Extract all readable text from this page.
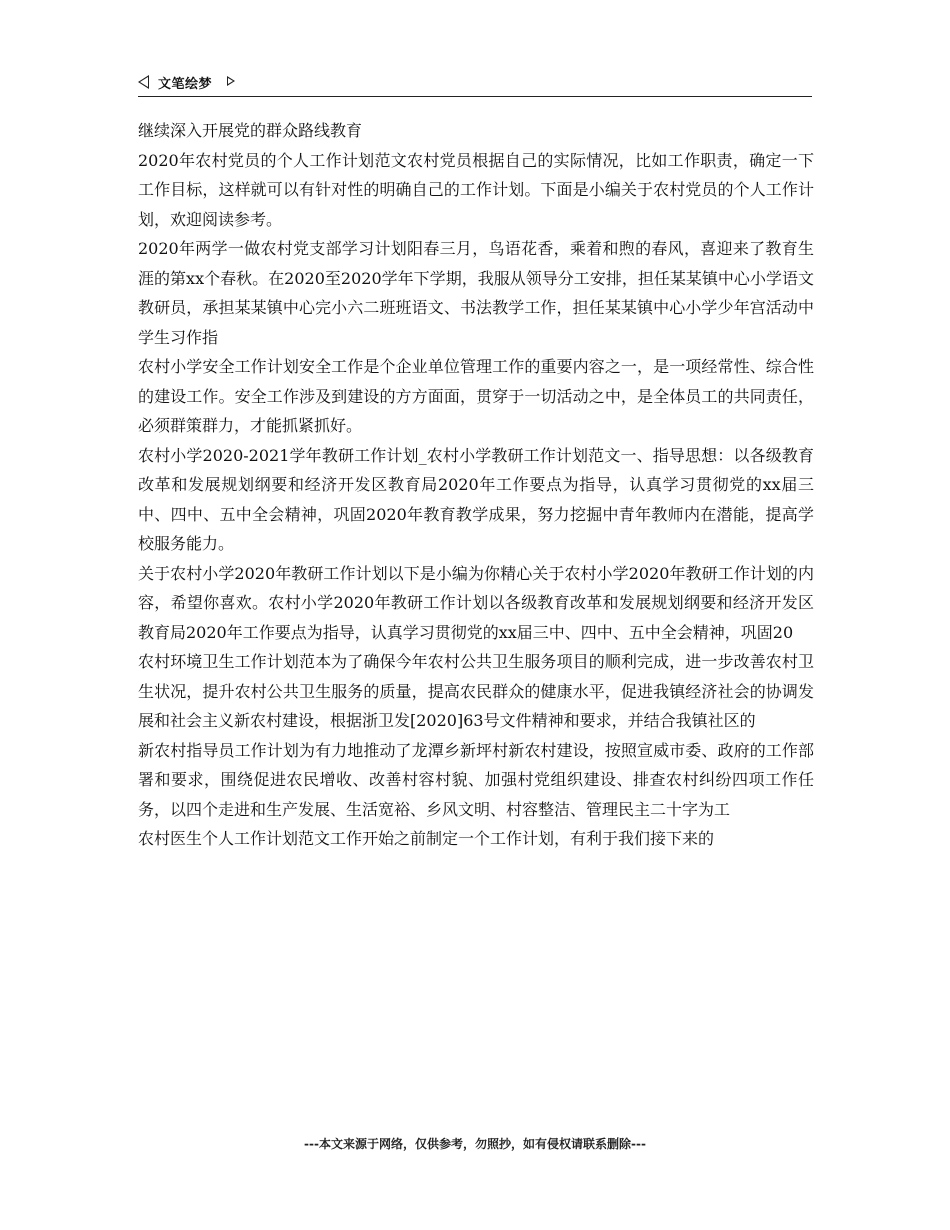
文笔绘梦

继续深入开展党的群众路线教育

2020年农村党员的个人工作计划范文农村党员根据自己的实际情况，比如工作职责，确定一下工作目标，这样就可以有针对性的明确自己的工作计划。下面是小编关于农村党员的个人工作计划，欢迎阅读参考。

2020年两学一做农村党支部学习计划阳春三月，鸟语花香，乘着和煦的春风，喜迎来了教育生涯的第xx个春秋。在2020至2020学年下学期，我服从领导分工安排，担任某某镇中心小学语文教研员，承担某某镇中心完小六二班班语文、书法教学工作，担任某某镇中心小学少年宫活动中学生习作指

农村小学安全工作计划安全工作是个企业单位管理工作的重要内容之一，是一项经常性、综合性的建设工作。安全工作涉及到建设的方方面面，贯穿于一切活动之中，是全体员工的共同责任，必须群策群力，才能抓紧抓好。

农村小学2020-2021学年教研工作计划_农村小学教研工作计划范文一、指导思想：以各级教育改革和发展规划纲要和经济开发区教育局2020年工作要点为指导，认真学习贯彻党的xx届三中、四中、五中全会精神，巩固2020年教育教学成果，努力挖掘中青年教师内在潜能，提高学校服务能力。

关于农村小学2020年教研工作计划以下是小编为你精心关于农村小学2020年教研工作计划的内容，希望你喜欢。农村小学2020年教研工作计划以各级教育改革和发展规划纲要和经济开发区教育局2020年工作要点为指导，认真学习贯彻党的xx届三中、四中、五中全会精神，巩固20

农村环境卫生工作计划范本为了确保今年农村公共卫生服务项目的顺利完成，进一步改善农村卫生状况，提升农村公共卫生服务的质量，提高农民群众的健康水平，促进我镇经济社会的协调发展和社会主义新农村建设，根据浙卫发[2020]63号文件精神和要求，并结合我镇社区的

新农村指导员工作计划为有力地推动了龙潭乡新坪村新农村建设，按照宣威市委、政府的工作部署和要求，围绕促进农民增收、改善村容村貌、加强村党组织建设、排查农村纠纷四项工作任务，以四个走进和生产发展、生活宽裕、乡风文明、村容整洁、管理民主二十字为工

农村医生个人工作计划范文工作开始之前制定一个工作计划，有利于我们接下来的

---本文来源于网络，仅供参考，勿照抄，如有侵权请联系删除---
